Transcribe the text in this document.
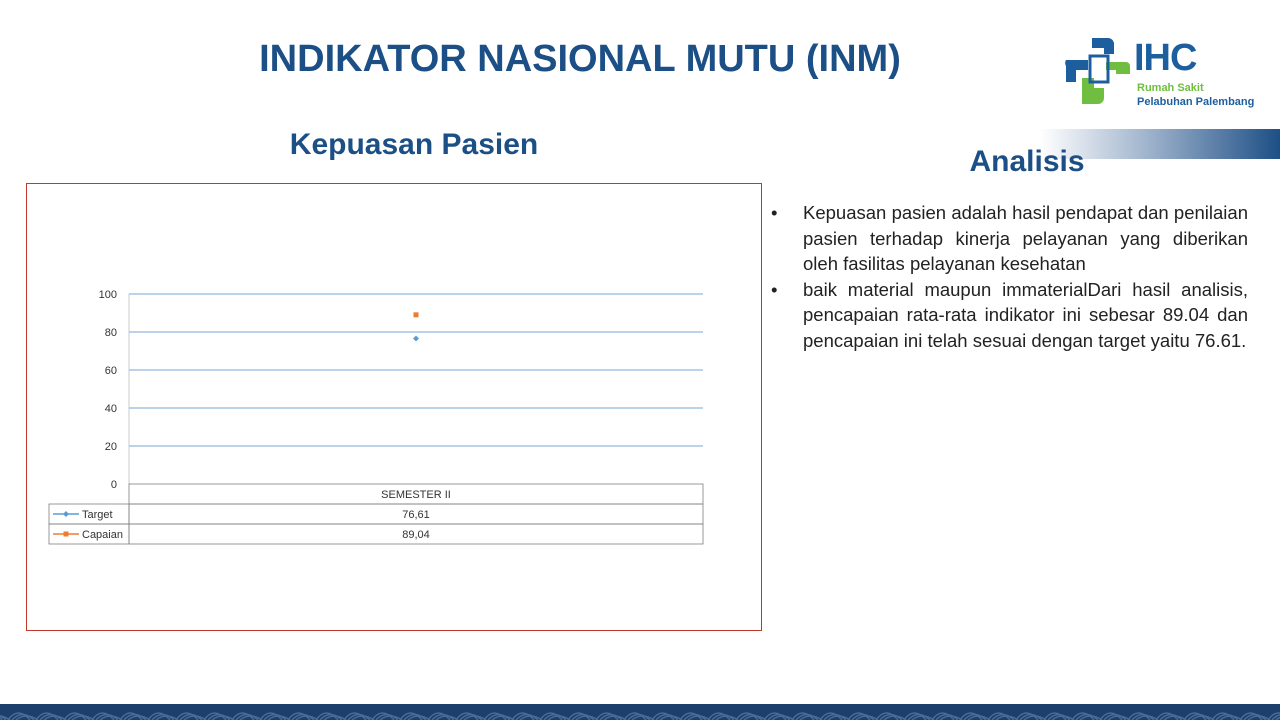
INDIKATOR NASIONAL MUTU (INM)	IHC
Rumah Sakit
Pelabuhan Palembang
Kepuasan Pasien
Analisis
0
20
40
60
80
100
SEMESTER II
Target	76,61
Capaian	89,04
• Kepuasan pasien adalah hasil pendapat dan penilaian pasien terhadap kinerja pelayanan yang diberikan oleh fasilitas pelayanan kesehatan
• baik material maupun immaterialDari hasil analisis, pencapaian rata-rata indikator ini sebesar 89.04 dan pencapaian ini telah sesuai dengan target yaitu 76.61.
